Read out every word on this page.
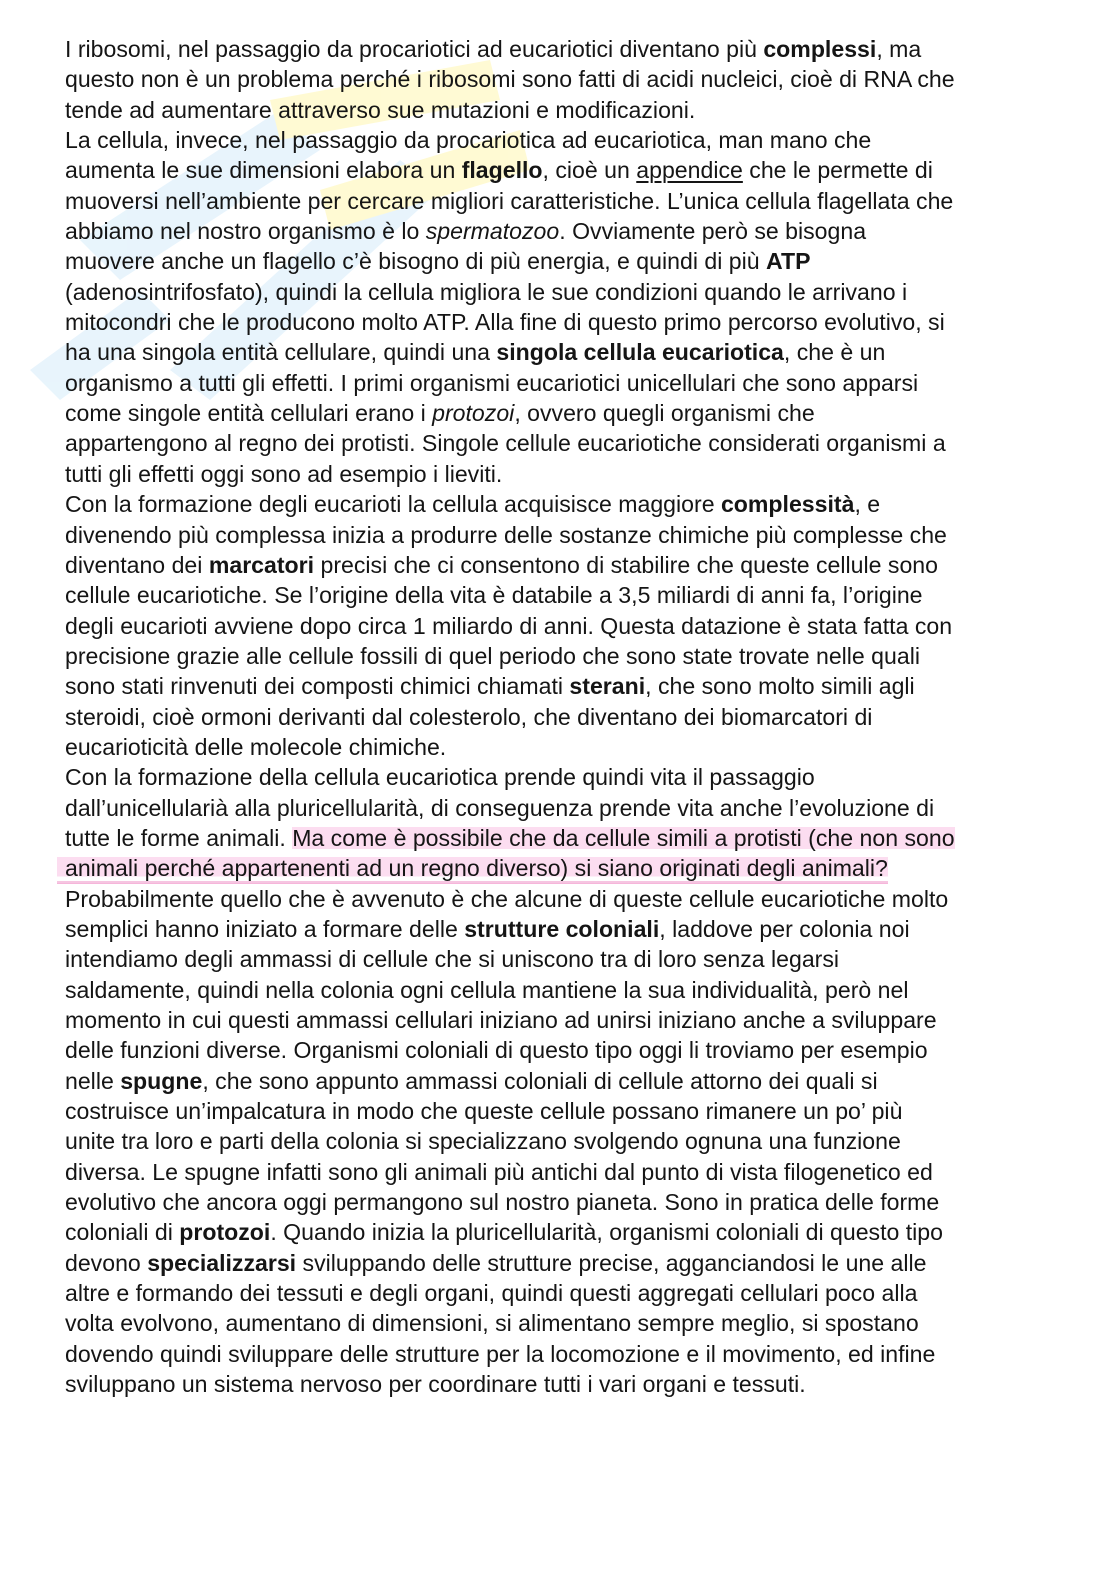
I ribosomi, nel passaggio da procariotici ad eucariotici diventano più complessi, ma
questo non è un problema perché i ribosomi sono fatti di acidi nucleici, cioè di RNA che
tende ad aumentare attraverso sue mutazioni e modificazioni.
La cellula, invece, nel passaggio da procariotica ad eucariotica, man mano che
aumenta le sue dimensioni elabora un flagello, cioè un appendice che le permette di
muoversi nell’ambiente per cercare migliori caratteristiche. L’unica cellula flagellata che
abbiamo nel nostro organismo è lo spermatozoo. Ovviamente però se bisogna
muovere anche un flagello c’è bisogno di più energia, e quindi di più ATP
(adenosintrifosfato), quindi la cellula migliora le sue condizioni quando le arrivano i
mitocondri che le producono molto ATP. Alla fine di questo primo percorso evolutivo, si
ha una singola entità cellulare, quindi una singola cellula eucariotica, che è un
organismo a tutti gli effetti. I primi organismi eucariotici unicellulari che sono apparsi
come singole entità cellulari erano i protozoi, ovvero quegli organismi che
appartengono al regno dei protisti. Singole cellule eucariotiche considerati organismi a
tutti gli effetti oggi sono ad esempio i lieviti.
Con la formazione degli eucarioti la cellula acquisisce maggiore complessità, e
divenendo più complessa inizia a produrre delle sostanze chimiche più complesse che
diventano dei marcatori precisi che ci consentono di stabilire che queste cellule sono
cellule eucariotiche. Se l’origine della vita è databile a 3,5 miliardi di anni fa, l’origine
degli eucarioti avviene dopo circa 1 miliardo di anni. Questa datazione è stata fatta con
precisione grazie alle cellule fossili di quel periodo che sono state trovate nelle quali
sono stati rinvenuti dei composti chimici chiamati sterani, che sono molto simili agli
steroidi, cioè ormoni derivanti dal colesterolo, che diventano dei biomarcatori di
eucarioticità delle molecole chimiche.
Con la formazione della cellula eucariotica prende quindi vita il passaggio
dall’unicellularià alla pluricellularità, di conseguenza prende vita anche l’evoluzione di
tutte le forme animali. Ma come è possibile che da cellule simili a protisti (che non sono
animali perché appartenenti ad un regno diverso) si siano originati degli animali?
Probabilmente quello che è avvenuto è che alcune di queste cellule eucariotiche molto
semplici hanno iniziato a formare delle strutture coloniali, laddove per colonia noi
intendiamo degli ammassi di cellule che si uniscono tra di loro senza legarsi
saldamente, quindi nella colonia ogni cellula mantiene la sua individualità, però nel
momento in cui questi ammassi cellulari iniziano ad unirsi iniziano anche a sviluppare
delle funzioni diverse. Organismi coloniali di questo tipo oggi li troviamo per esempio
nelle spugne, che sono appunto ammassi coloniali di cellule attorno dei quali si
costruisce un’impalcatura in modo che queste cellule possano rimanere un po’ più
unite tra loro e parti della colonia si specializzano svolgendo ognuna una funzione
diversa. Le spugne infatti sono gli animali più antichi dal punto di vista filogenetico ed
evolutivo che ancora oggi permangono sul nostro pianeta. Sono in pratica delle forme
coloniali di protozoi. Quando inizia la pluricellularità, organismi coloniali di questo tipo
devono specializzarsi sviluppando delle strutture precise, agganciandosi le une alle
altre e formando dei tessuti e degli organi, quindi questi aggregati cellulari poco alla
volta evolvono, aumentano di dimensioni, si alimentano sempre meglio, si spostano
dovendo quindi sviluppare delle strutture per la locomozione e il movimento, ed infine
sviluppano un sistema nervoso per coordinare tutti i vari organi e tessuti.
